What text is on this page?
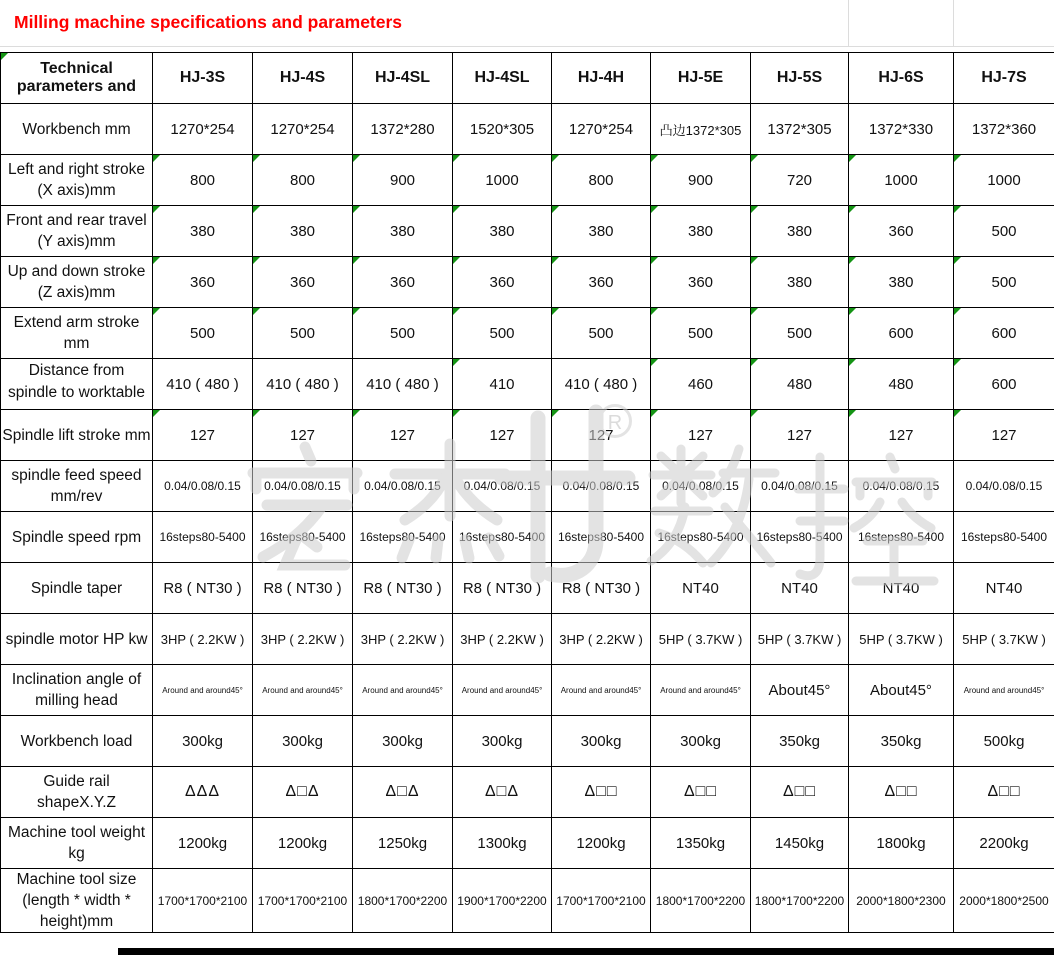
Milling machine specifications and parameters
Technical parameters and	HJ-3S	HJ-4S	HJ-4SL	HJ-4SL	HJ-4H	HJ-5E	HJ-5S	HJ-6S	HJ-7S
Workbench mm	1270*254	1270*254	1372*280	1520*305	1270*254	凸边1372*305	1372*305	1372*330	1372*360
Left and right stroke (X axis)mm	800	800	900	1000	800	900	720	1000	1000

Front and rear travel (Y axis)mm	380	380	380	380	380	380	380	360	500

Up and down stroke (Z axis)mm	360	360	360	360	360	360	380	380	500

Extend arm stroke mm	500	500	500	500	500	500	500	600	600

Distance from spindle to worktable	410 ( 480 )	410 ( 480 )	410 ( 480 )	410	410 ( 480 )	460	480	480	600

Spindle lift stroke mm	127	127	127	127	127	127	127	127	127

spindle feed speed mm/rev	0.04/0.08/0.15	0.04/0.08/0.15	0.04/0.08/0.15	0.04/0.08/0.15	0.04/0.08/0.15	0.04/0.08/0.15	0.04/0.08/0.15	0.04/0.08/0.15	0.04/0.08/0.15
Spindle speed rpm	16steps80-5400	16steps80-5400	16steps80-5400	16steps80-5400	16steps80-5400	16steps80-5400	16steps80-5400	16steps80-5400	16steps80-5400
Spindle taper	R8 ( NT30 )	R8 ( NT30 )	R8 ( NT30 )	R8 ( NT30 )	R8 ( NT30 )	NT40	NT40	NT40	NT40
spindle motor HP kw	3HP ( 2.2KW )	3HP ( 2.2KW )	3HP ( 2.2KW )	3HP ( 2.2KW )	3HP ( 2.2KW )	5HP ( 3.7KW )	5HP ( 3.7KW )	5HP ( 3.7KW )	5HP ( 3.7KW )
Inclination angle of milling head	Around and around45°	Around and around45°	Around and around45°	Around and around45°	Around and around45°	Around and around45°	About45°	About45°	Around and around45°
Workbench load	300kg	300kg	300kg	300kg	300kg	300kg	350kg	350kg	500kg
Guide rail shapeX.Y.Z	ΔΔΔ	Δ□Δ	Δ□Δ	Δ□Δ	Δ□□	Δ□□	Δ□□	Δ□□	Δ□□
Machine tool weight kg	1200kg	1200kg	1250kg	1300kg	1200kg	1350kg	1450kg	1800kg	2200kg
Machine tool size (length * width * height)mm	1700*1700*2100	1700*1700*2100	1800*1700*2200	1900*1700*2200	1700*1700*2100	1800*1700*2200	1800*1700*2200	2000*1800*2300	2000*1800*2500
R
